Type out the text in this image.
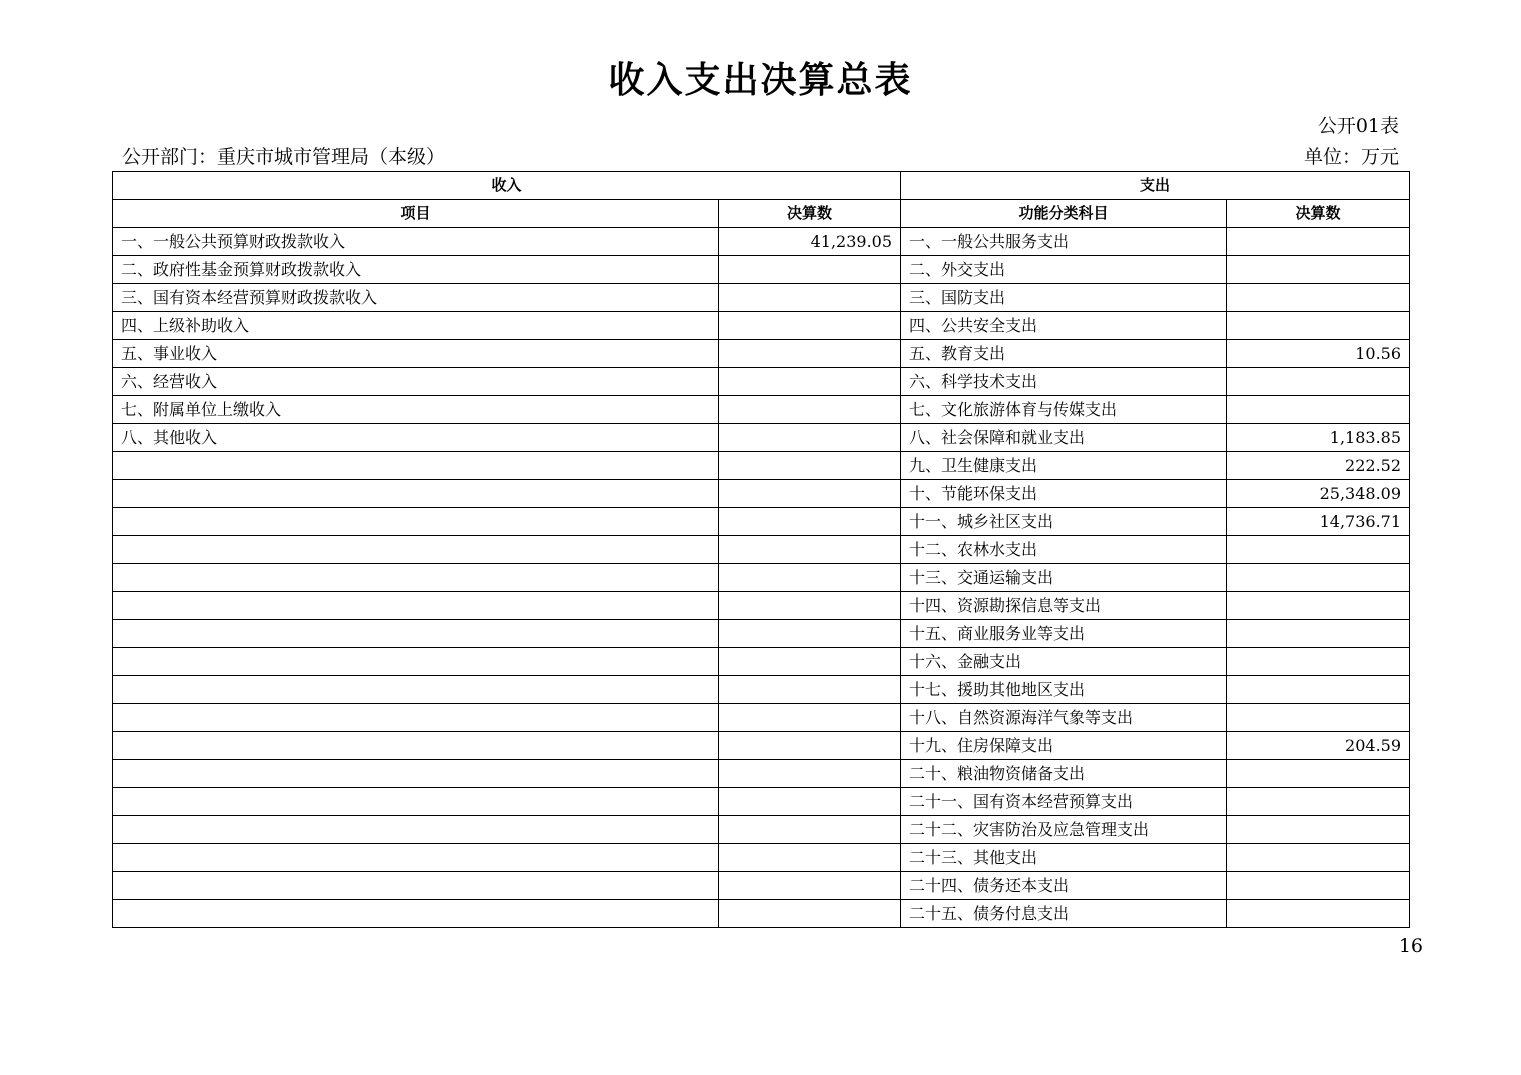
收入支出决算总表
公开01表
公开部门：重庆市城市管理局（本级）	单位：万元
收入		支出	
项目	决算数	功能分类科目	决算数
一、一般公共预算财政拨款收入	41,239.05	一、一般公共服务支出	
二、政府性基金预算财政拨款收入		二、外交支出	
三、国有资本经营预算财政拨款收入		三、国防支出	
四、上级补助收入		四、公共安全支出	
五、事业收入		五、教育支出	10.56
六、经营收入		六、科学技术支出	
七、附属单位上缴收入		七、文化旅游体育与传媒支出	
八、其他收入		八、社会保障和就业支出	1,183.85
		九、卫生健康支出	222.52
		十、节能环保支出	25,348.09
		十一、城乡社区支出	14,736.71
		十二、农林水支出	
		十三、交通运输支出	
		十四、资源勘探信息等支出	
		十五、商业服务业等支出	
		十六、金融支出	
		十七、援助其他地区支出	
		十八、自然资源海洋气象等支出	
		十九、住房保障支出	204.59
		二十、粮油物资储备支出	
		二十一、国有资本经营预算支出	
		二十二、灾害防治及应急管理支出	
		二十三、其他支出	
		二十四、债务还本支出	
		二十五、债务付息支出	
16
